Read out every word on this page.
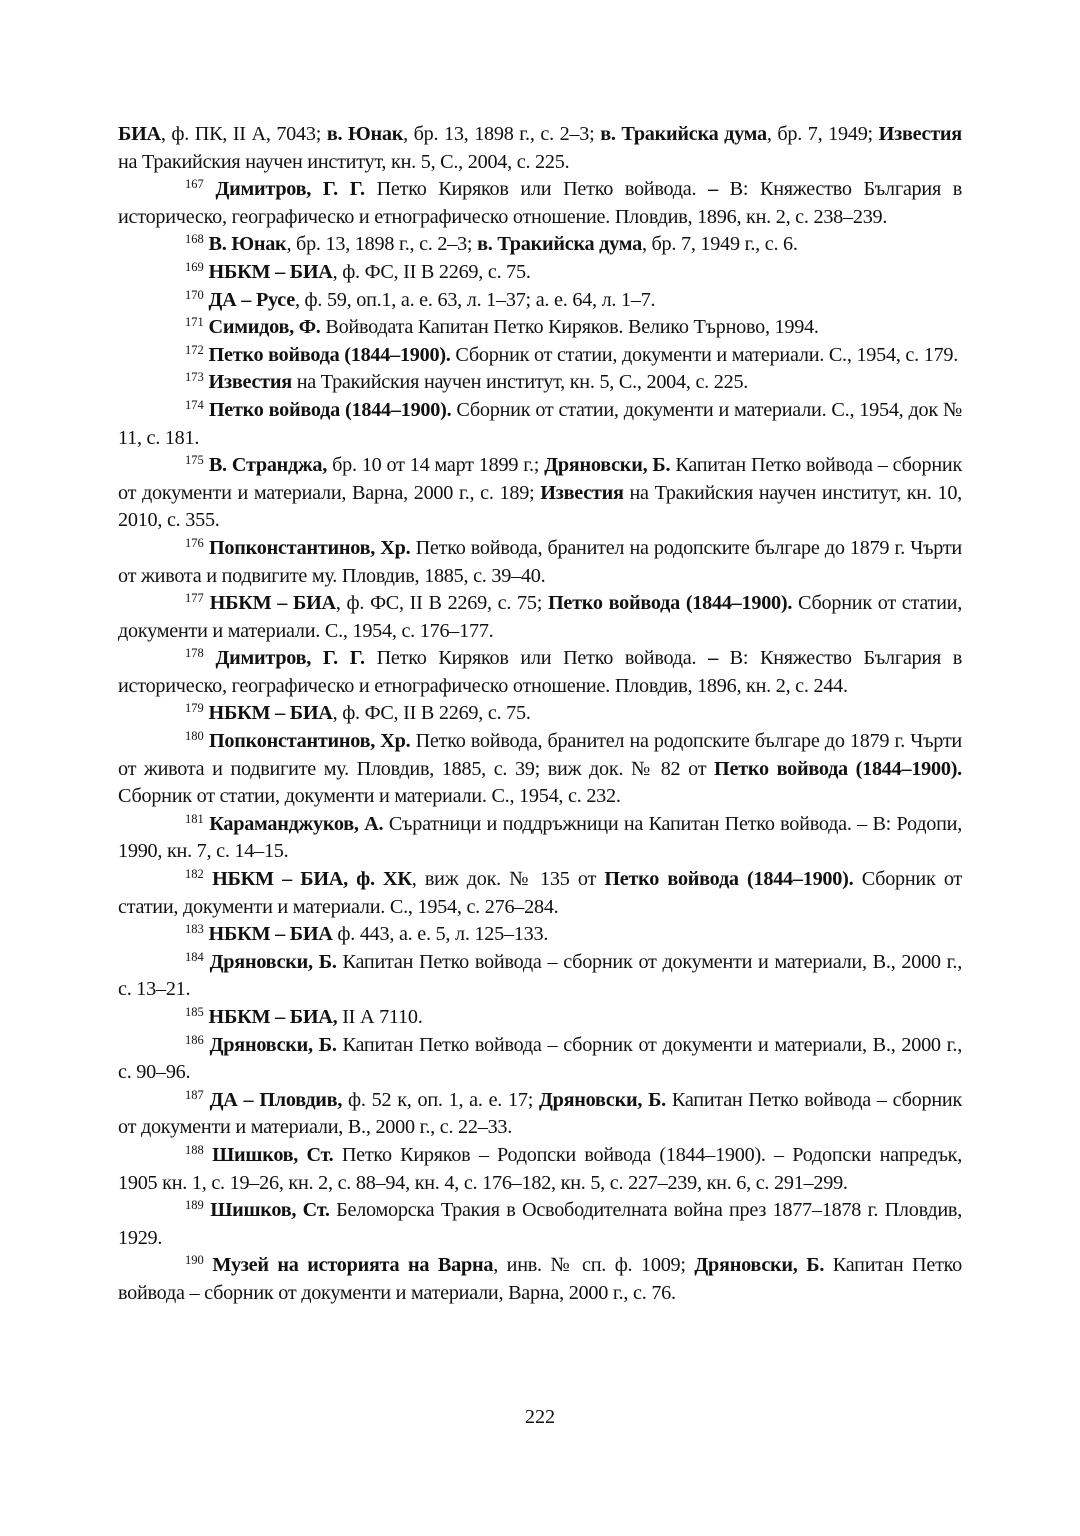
БИА, ф. ПК, II А, 7043; в. Юнак, бр. 13, 1898 г., с. 2–3; в. Тракийска дума, бр. 7, 1949; Известия на Тракийския научен институт, кн. 5, С., 2004, с. 225.

$^{167}$ Димитров, Г. Г. Петко Киряков или Петко войвода. – В: Княжество България в историческо, географическо и етнографическо отношение. Пловдив, 1896, кн. 2, с. 238–239.

$^{168}$ В. Юнак, бр. 13, 1898 г., с. 2–3; в. Тракийска дума, бр. 7, 1949 г., с. 6.

$^{169}$ НБКМ – БИА, ф. ФС, II В 2269, с. 75.

$^{170}$ ДА – Русе, ф. 59, оп.1, а. е. 63, л. 1–37; а. е. 64, л. 1–7.

$^{171}$ Симидов, Ф. Войводата Капитан Петко Киряков. Велико Търново, 1994.

$^{172}$ Петко войвода (1844–1900). Сборник от статии, документи и материали. С., 1954, с. 179.

$^{173}$ Известия на Тракийския научен институт, кн. 5, С., 2004, с. 225.

$^{174}$ Петко войвода (1844–1900). Сборник от статии, документи и материали. С., 1954, док № 11, с. 181.

$^{175}$ В. Странджа, бр. 10 от 14 март 1899 г.; Дряновски, Б. Капитан Петко войвода – сборник от документи и материали, Варна, 2000 г., с. 189; Известия на Тракийския научен институт, кн. 10, 2010, с. 355.

$^{176}$ Попконстантинов, Хр. Петко войвода, бранител на родопските българе до 1879 г. Чърти от живота и подвигите му. Пловдив, 1885, с. 39–40.

$^{177}$ НБКМ – БИА, ф. ФС, II В 2269, с. 75; Петко войвода (1844–1900). Сборник от статии, документи и материали. С., 1954, с. 176–177.

$^{178}$ Димитров, Г. Г. Петко Киряков или Петко войвода. – В: Княжество България в историческо, географическо и етнографическо отношение. Пловдив, 1896, кн. 2, с. 244.

$^{179}$ НБКМ – БИА, ф. ФС, II В 2269, с. 75.

$^{180}$ Попконстантинов, Хр. Петко войвода, бранител на родопските българе до 1879 г. Чърти от живота и подвигите му. Пловдив, 1885, с. 39; виж док. № 82 от Петко войвода (1844–1900). Сборник от статии, документи и материали. С., 1954, с. 232.

$^{181}$ Караманджуков, А. Съратници и поддръжници на Капитан Петко войвода. – В: Родопи, 1990, кн. 7, с. 14–15.

$^{182}$ НБКМ – БИА, ф. ХК, виж док. № 135 от Петко войвода (1844–1900). Сборник от статии, документи и материали. С., 1954, с. 276–284.

$^{183}$ НБКМ – БИА ф. 443, а. е. 5, л. 125–133.

$^{184}$ Дряновски, Б. Капитан Петко войвода – сборник от документи и материали, В., 2000 г., с. 13–21.

$^{185}$ НБКМ – БИА, II А 7110.

$^{186}$ Дряновски, Б. Капитан Петко войвода – сборник от документи и материали, В., 2000 г., с. 90–96.

$^{187}$ ДА – Пловдив, ф. 52 к, оп. 1, а. е. 17; Дряновски, Б. Капитан Петко войвода – сборник от документи и материали, В., 2000 г., с. 22–33.

$^{188}$ Шишков, Ст. Петко Киряков – Родопски войвода (1844–1900). – Родопски напредък, 1905 кн. 1, с. 19–26, кн. 2, с. 88–94, кн. 4, с. 176–182, кн. 5, с. 227–239, кн. 6, с. 291–299.

$^{189}$ Шишков, Ст. Беломорска Тракия в Освободителната война през 1877–1878 г. Пловдив, 1929.

$^{190}$ Музей на историята на Варна, инв. № сп. ф. 1009; Дряновски, Б. Капитан Петко войвода – сборник от документи и материали, Варна, 2000 г., с. 76.

222
